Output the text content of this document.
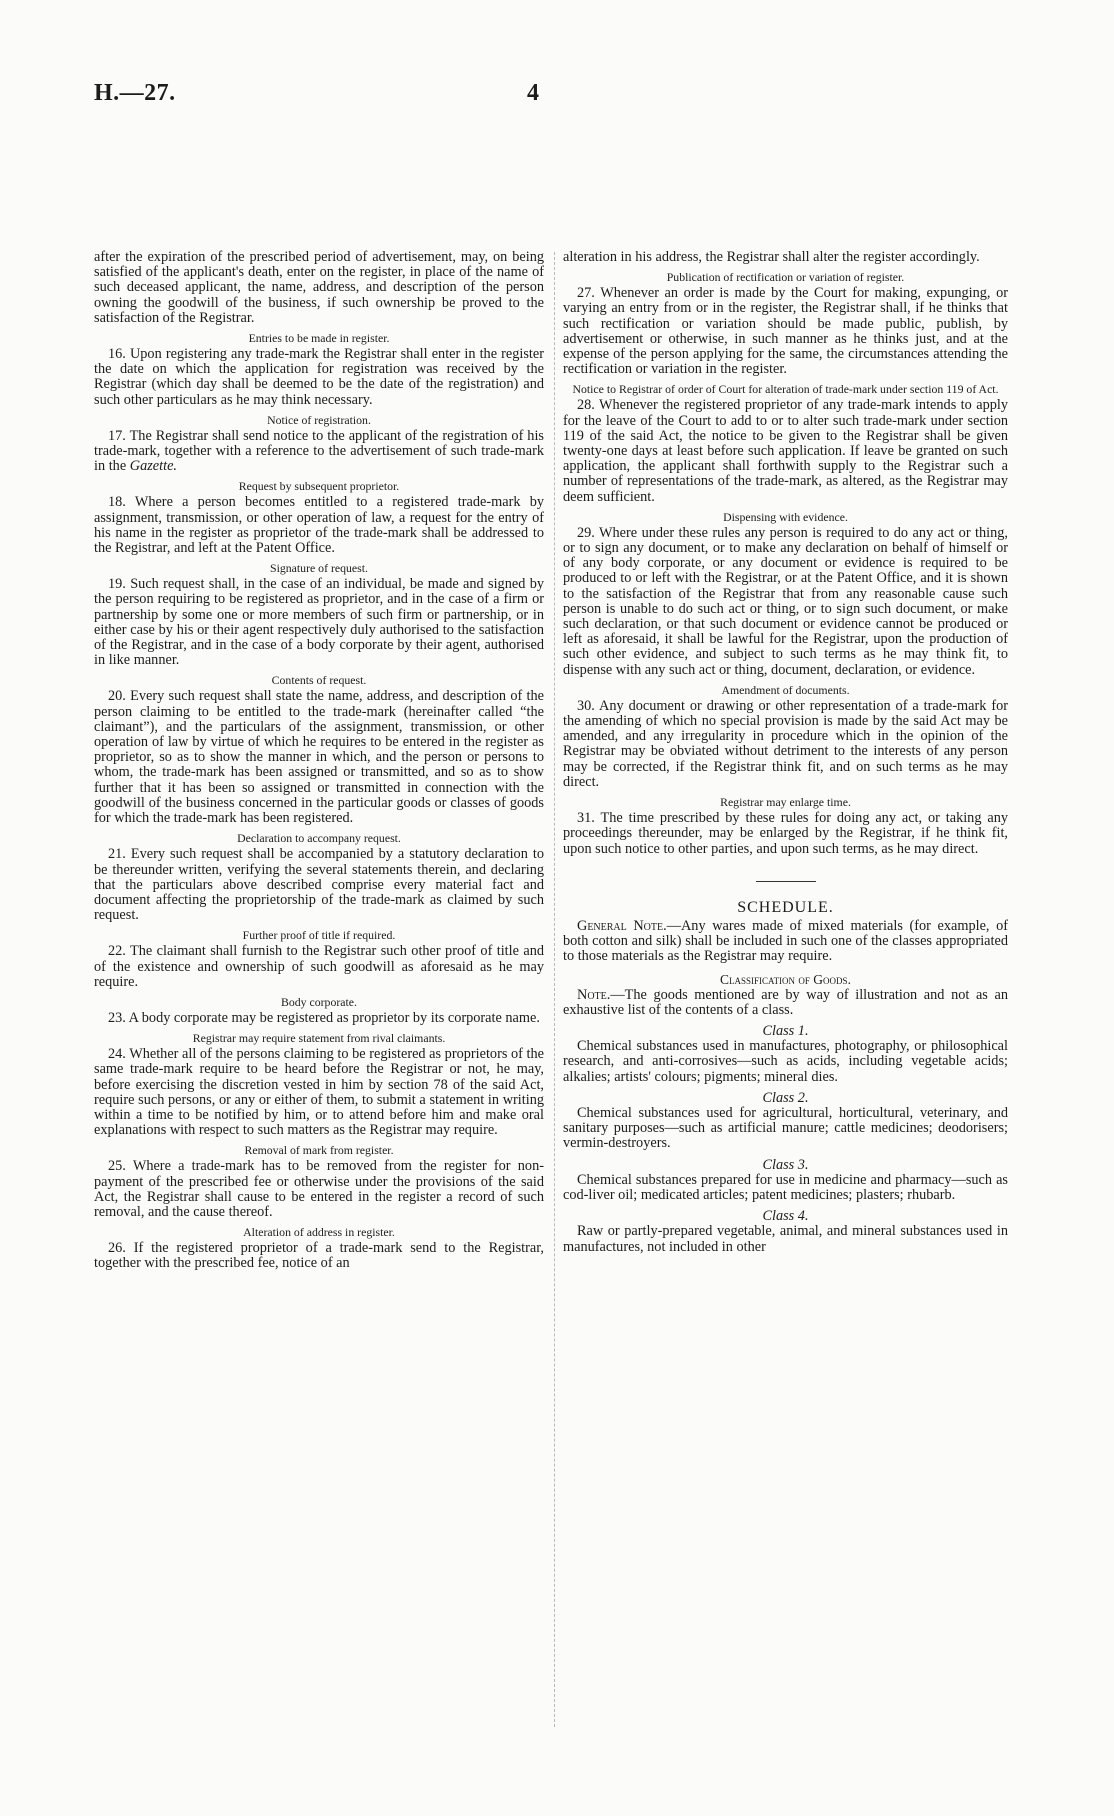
H.—27.	4

after the expiration of the prescribed period of advertisement, may, on being satisfied of the applicant's death, enter on the register, in place of the name of such deceased applicant, the name, address, and description of the person owning the goodwill of the business, if such ownership be proved to the satisfaction of the Registrar.

Entries to be made in register.

16. Upon registering any trade-mark the Registrar shall enter in the register the date on which the application for registration was received by the Registrar (which day shall be deemed to be the date of the registration) and such other particulars as he may think necessary.

Notice of registration.

17. The Registrar shall send notice to the applicant of the registration of his trade-mark, together with a reference to the advertisement of such trade-mark in the Gazette.

Request by subsequent proprietor.

18. Where a person becomes entitled to a registered trade-mark by assignment, transmission, or other operation of law, a request for the entry of his name in the register as proprietor of the trade-mark shall be addressed to the Registrar, and left at the Patent Office.

Signature of request.

19. Such request shall, in the case of an individual, be made and signed by the person requiring to be registered as proprietor, and in the case of a firm or partnership by some one or more members of such firm or partnership, or in either case by his or their agent respectively duly authorised to the satisfaction of the Registrar, and in the case of a body corporate by their agent, authorised in like manner.

Contents of request.

20. Every such request shall state the name, address, and description of the person claiming to be entitled to the trade-mark (hereinafter called “the claimant”), and the particulars of the assignment, transmission, or other operation of law by virtue of which he requires to be entered in the register as proprietor, so as to show the manner in which, and the person or persons to whom, the trade-mark has been assigned or transmitted, and so as to show further that it has been so assigned or transmitted in connection with the goodwill of the business concerned in the particular goods or classes of goods for which the trade-mark has been registered.

Declaration to accompany request.

21. Every such request shall be accompanied by a statutory declaration to be thereunder written, verifying the several statements therein, and declaring that the particulars above described comprise every material fact and document affecting the proprietorship of the trade-mark as claimed by such request.

Further proof of title if required.

22. The claimant shall furnish to the Registrar such other proof of title and of the existence and ownership of such goodwill as aforesaid as he may require.

Body corporate.

23. A body corporate may be registered as proprietor by its corporate name.

Registrar may require statement from rival claimants.

24. Whether all of the persons claiming to be registered as proprietors of the same trade-mark require to be heard before the Registrar or not, he may, before exercising the discretion vested in him by section 78 of the said Act, require such persons, or any or either of them, to submit a statement in writing within a time to be notified by him, or to attend before him and make oral explanations with respect to such matters as the Registrar may require.

Removal of mark from register.

25. Where a trade-mark has to be removed from the register for non-payment of the prescribed fee or otherwise under the provisions of the said Act, the Registrar shall cause to be entered in the register a record of such removal, and the cause thereof.

Alteration of address in register.

26. If the registered proprietor of a trade-mark send to the Registrar, together with the prescribed fee, notice of an

alteration in his address, the Registrar shall alter the register accordingly.

Publication of rectification or variation of register.

27. Whenever an order is made by the Court for making, expunging, or varying an entry from or in the register, the Registrar shall, if he thinks that such rectification or variation should be made public, publish, by advertisement or otherwise, in such manner as he thinks just, and at the expense of the person applying for the same, the circumstances attending the rectification or variation in the register.

Notice to Registrar of order of Court for alteration of trade-mark under section 119 of Act.

28. Whenever the registered proprietor of any trade-mark intends to apply for the leave of the Court to add to or to alter such trade-mark under section 119 of the said Act, the notice to be given to the Registrar shall be given twenty-one days at least before such application. If leave be granted on such application, the applicant shall forthwith supply to the Registrar such a number of representations of the trade-mark, as altered, as the Registrar may deem sufficient.

Dispensing with evidence.

29. Where under these rules any person is required to do any act or thing, or to sign any document, or to make any declaration on behalf of himself or of any body corporate, or any document or evidence is required to be produced to or left with the Registrar, or at the Patent Office, and it is shown to the satisfaction of the Registrar that from any reasonable cause such person is unable to do such act or thing, or to sign such document, or make such declaration, or that such document or evidence cannot be produced or left as aforesaid, it shall be lawful for the Registrar, upon the production of such other evidence, and subject to such terms as he may think fit, to dispense with any such act or thing, document, declaration, or evidence.

Amendment of documents.

30. Any document or drawing or other representation of a trade-mark for the amending of which no special provision is made by the said Act may be amended, and any irregularity in procedure which in the opinion of the Registrar may be obviated without detriment to the interests of any person may be corrected, if the Registrar think fit, and on such terms as he may direct.

Registrar may enlarge time.

31. The time prescribed by these rules for doing any act, or taking any proceedings thereunder, may be enlarged by the Registrar, if he think fit, upon such notice to other parties, and upon such terms, as he may direct.

SCHEDULE.

General Note.—Any wares made of mixed materials (for example, of both cotton and silk) shall be included in such one of the classes appropriated to those materials as the Registrar may require.

Classification of Goods.

Note.—The goods mentioned are by way of illustration and not as an exhaustive list of the contents of a class.

Class 1.

Chemical substances used in manufactures, photography, or philosophical research, and anti-corrosives—such as acids, including vegetable acids; alkalies; artists' colours; pigments; mineral dies.

Class 2.

Chemical substances used for agricultural, horticultural, veterinary, and sanitary purposes—such as artificial manure; cattle medicines; deodorisers; vermin-destroyers.

Class 3.

Chemical substances prepared for use in medicine and pharmacy—such as cod-liver oil; medicated articles; patent medicines; plasters; rhubarb.

Class 4.

Raw or partly-prepared vegetable, animal, and mineral substances used in manufactures, not included in other
